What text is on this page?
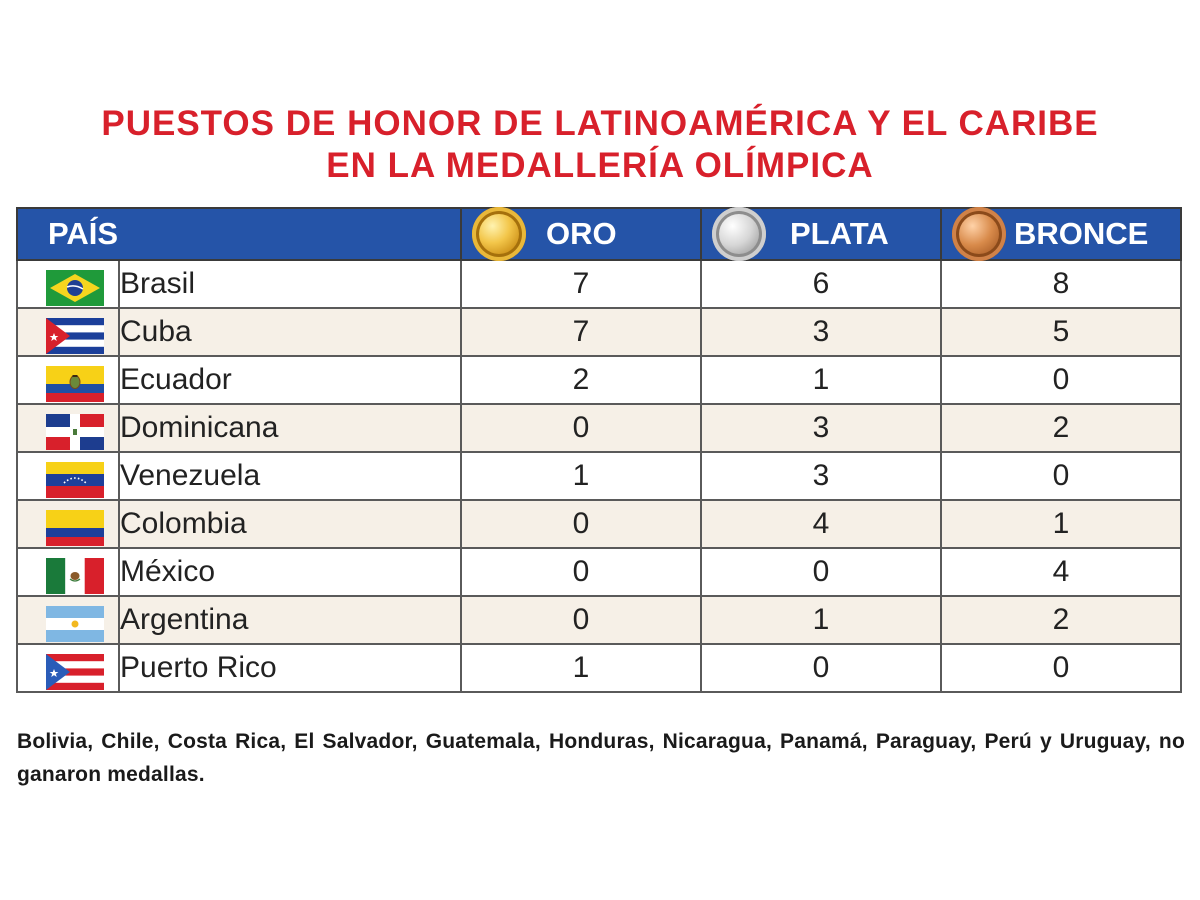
PUESTOS DE HONOR DE LATINOAMÉRICA Y EL CARIBE
EN LA MEDALLERÍA OLÍMPICA
PAÍS		ORO	PLATA	BRONCE

	Brasil	7	6	8

	Cuba	7	3	5

	Ecuador	2	1	0

	Dominicana	0	3	2

	Venezuela	1	3	0

	Colombia	0	4	1

	México	0	0	4

	Argentina	0	1	2

	Puerto Rico	1	0	0
Bolivia, Chile, Costa Rica, El Salvador, Guatemala, Honduras, Nicaragua, Panamá, Paraguay, Perú y Uruguay, no ganaron medallas.
